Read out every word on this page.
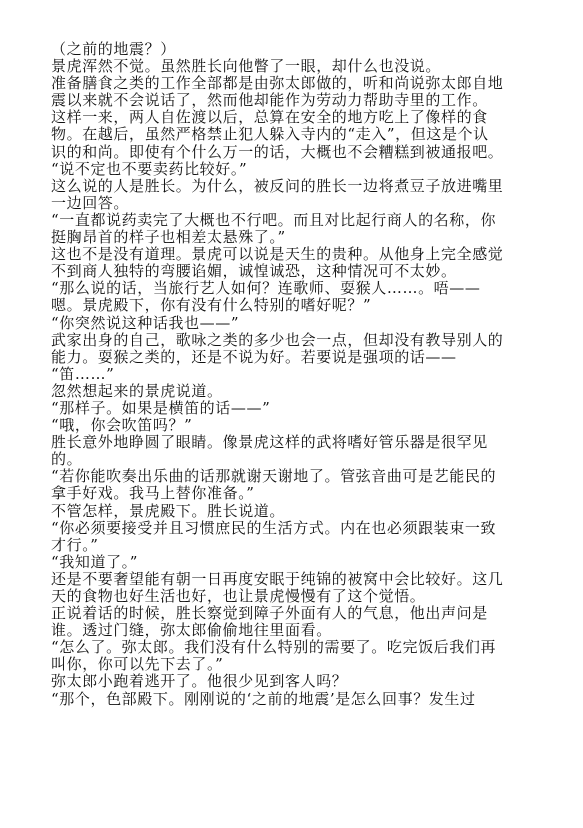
（之前的地震？）
景虎浑然不觉。虽然胜长向他瞥了一眼，却什么也没说。
准备膳食之类的工作全部都是由弥太郎做的，听和尚说弥太郎自地
震以来就不会说话了，然而他却能作为劳动力帮助寺里的工作。
这样一来，两人自佐渡以后，总算在安全的地方吃上了像样的食
物。在越后，虽然严格禁止犯人躲入寺内的“走入”，但这是个认
识的和尚。即使有个什么万一的话，大概也不会糟糕到被通报吧。
“说不定也不要卖药比较好。”
这么说的人是胜长。为什么，被反问的胜长一边将煮豆子放进嘴里
一边回答。
“一直都说药卖完了大概也不行吧。而且对比起行商人的名称，你
挺胸昂首的样子也相差太悬殊了。”
这也不是没有道理。景虎可以说是天生的贵种。从他身上完全感觉
不到商人独特的弯腰谄媚，诚惶诚恐，这种情况可不太妙。
“那么说的话，当旅行艺人如何？连歌师、耍猴人……。唔——
嗯。景虎殿下，你有没有什么特别的嗜好呢？”
“你突然说这种话我也——”
武家出身的自己，歌咏之类的多少也会一点，但却没有教导别人的
能力。耍猴之类的，还是不说为好。若要说是强项的话——
“笛……”
忽然想起来的景虎说道。
“那样子。如果是横笛的话——”
“哦，你会吹笛吗？”
胜长意外地睁圆了眼睛。像景虎这样的武将嗜好管乐器是很罕见
的。
“若你能吹奏出乐曲的话那就谢天谢地了。管弦音曲可是艺能民的
拿手好戏。我马上替你准备。”
不管怎样，景虎殿下。胜长说道。
“你必须要接受并且习惯庶民的生活方式。内在也必须跟装束一致
才行。”
“我知道了。”
还是不要奢望能有朝一日再度安眠于纯锦的被窝中会比较好。这几
天的食物也好生活也好，也让景虎慢慢有了这个觉悟。
正说着话的时候，胜长察觉到障子外面有人的气息，他出声问是
谁。透过门缝，弥太郎偷偷地往里面看。
“怎么了。弥太郎。我们没有什么特别的需要了。吃完饭后我们再
叫你，你可以先下去了。”
弥太郎小跑着逃开了。他很少见到客人吗？
“那个，色部殿下。刚刚说的‘之前的地震’是怎么回事？发生过
